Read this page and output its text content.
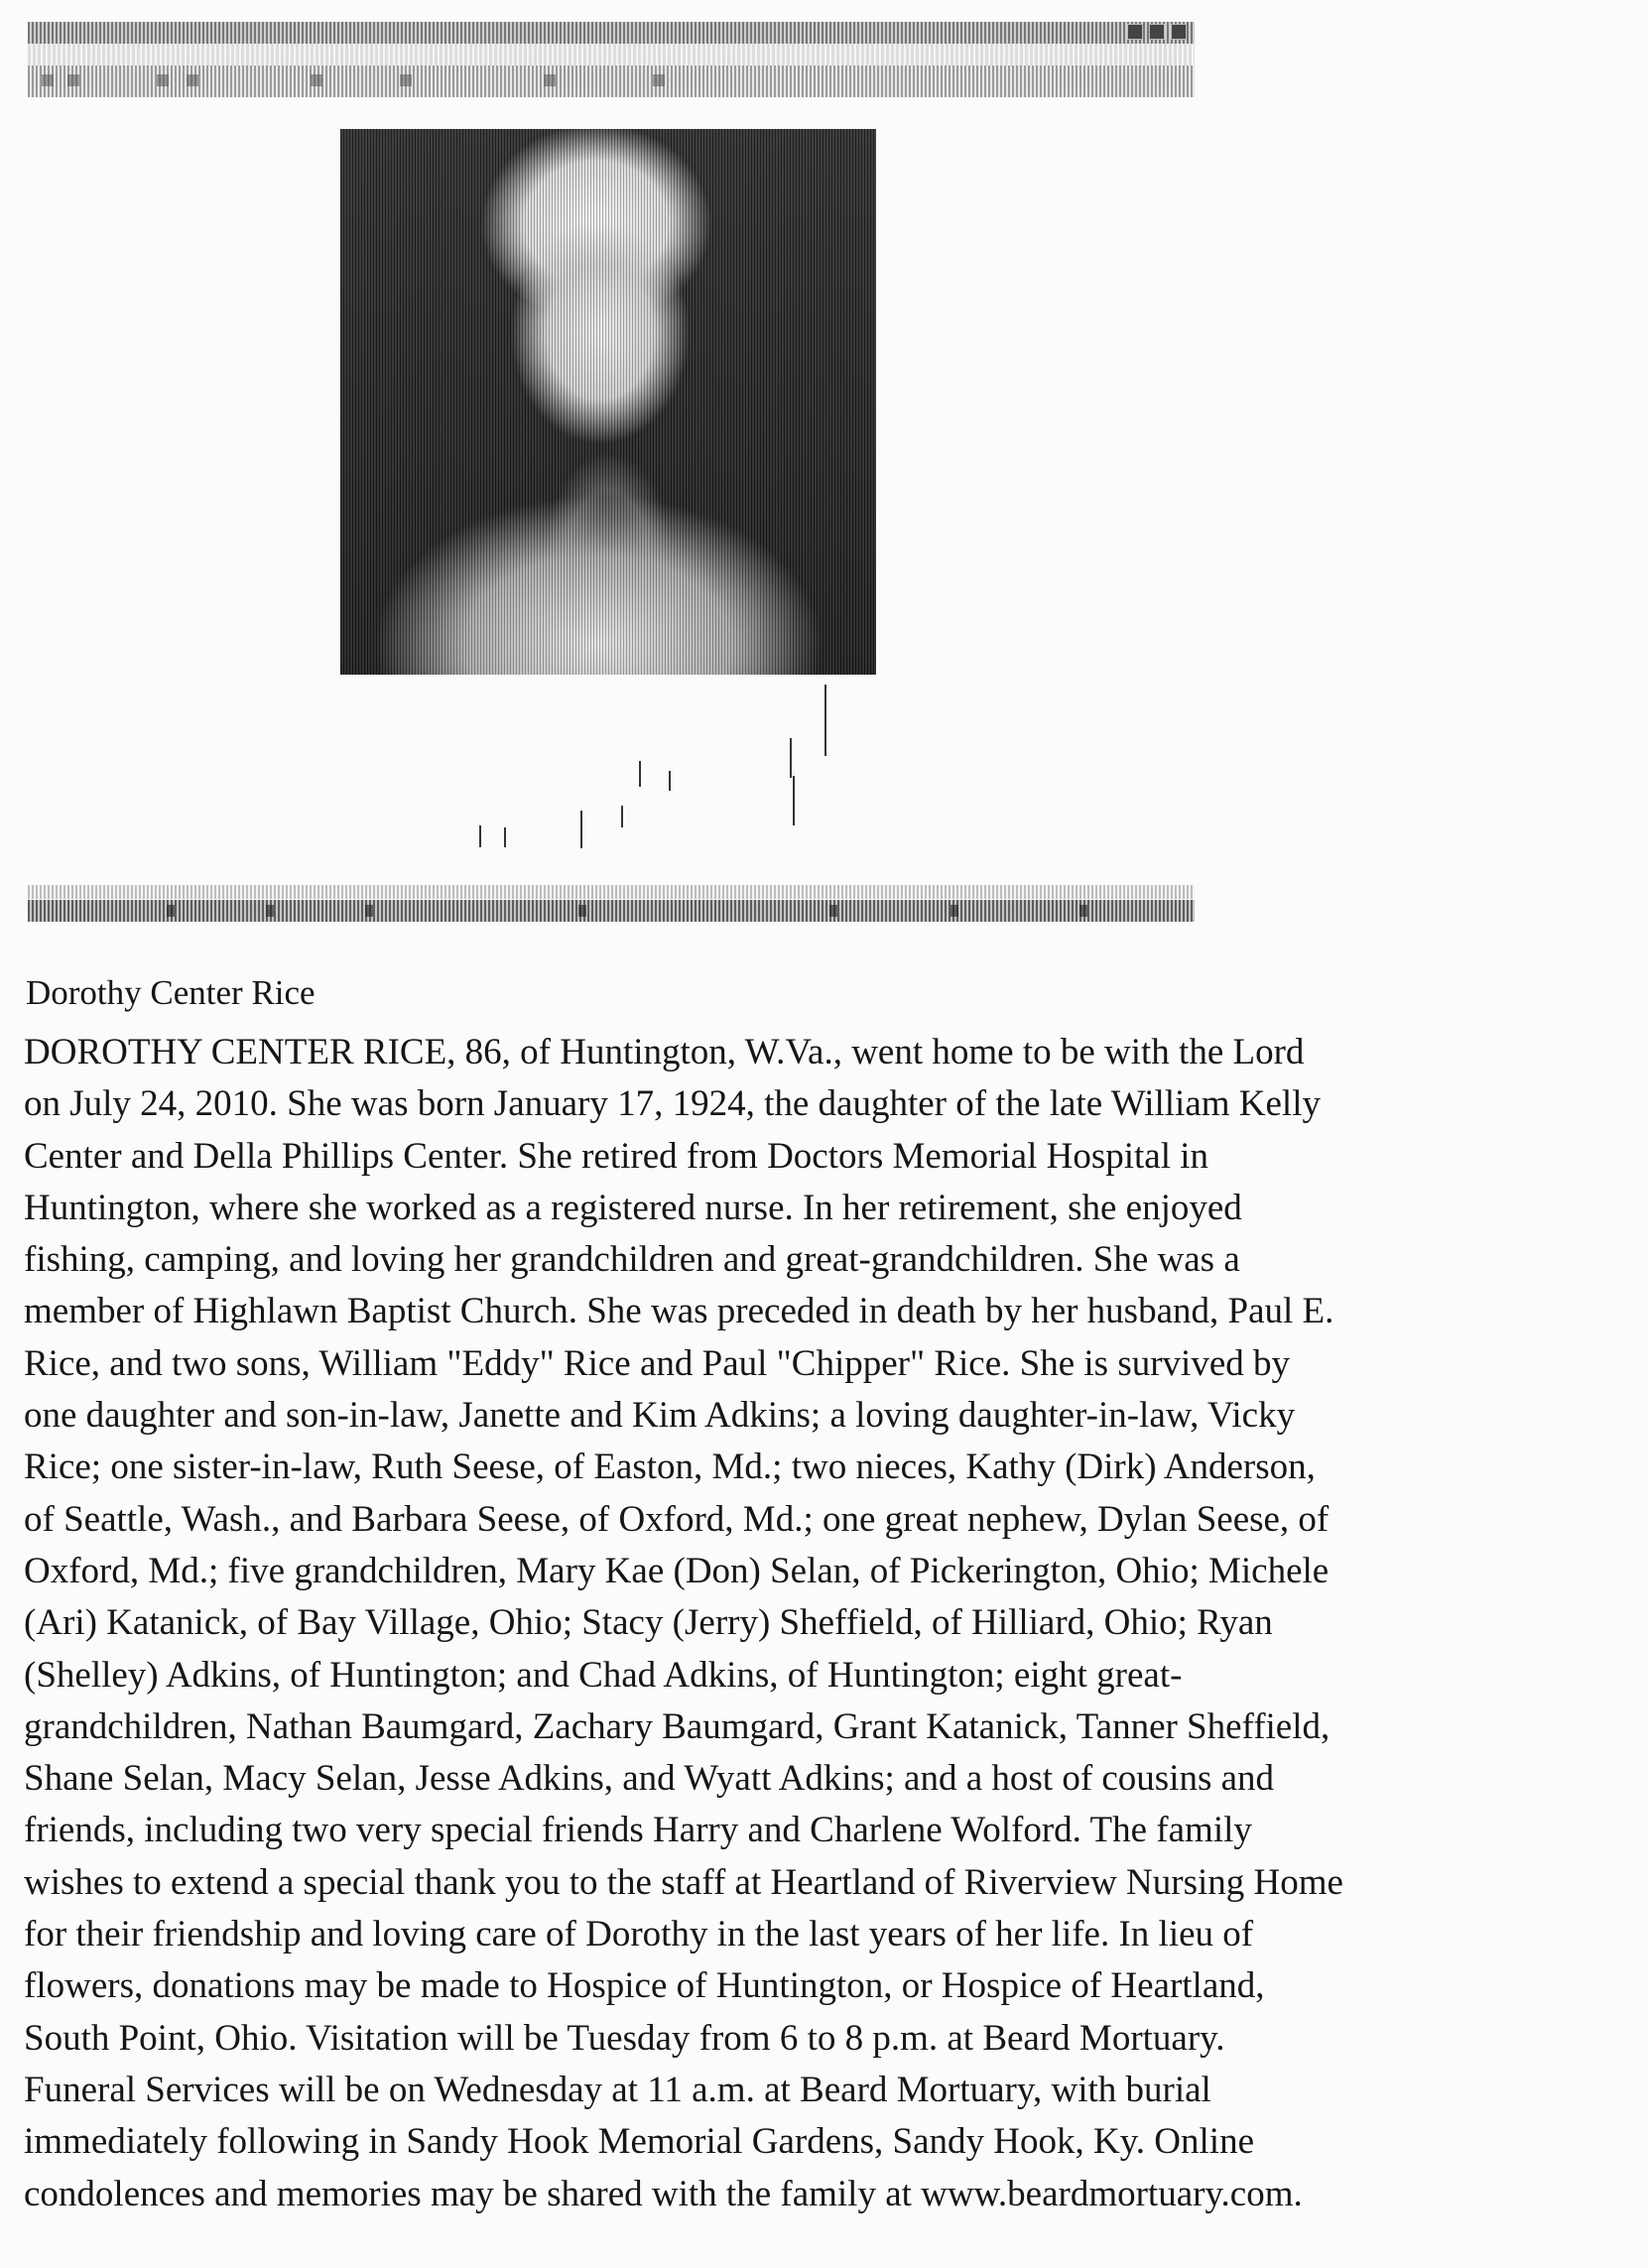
Dorothy Center Rice
DOROTHY CENTER RICE, 86, of Huntington, W.Va., went home to be with the Lord
on July 24, 2010. She was born January 17, 1924, the daughter of the late William Kelly
Center and Della Phillips Center. She retired from Doctors Memorial Hospital in
Huntington, where she worked as a registered nurse. In her retirement, she enjoyed
fishing, camping, and loving her grandchildren and great-grandchildren. She was a
member of Highlawn Baptist Church. She was preceded in death by her husband, Paul E.
Rice, and two sons, William "Eddy" Rice and Paul "Chipper" Rice. She is survived by
one daughter and son-in-law, Janette and Kim Adkins; a loving daughter-in-law, Vicky
Rice; one sister-in-law, Ruth Seese, of Easton, Md.; two nieces, Kathy (Dirk) Anderson,
of Seattle, Wash., and Barbara Seese, of Oxford, Md.; one great nephew, Dylan Seese, of
Oxford, Md.; five grandchildren, Mary Kae (Don) Selan, of Pickerington, Ohio; Michele
(Ari) Katanick, of Bay Village, Ohio; Stacy (Jerry) Sheffield, of Hilliard, Ohio; Ryan
(Shelley) Adkins, of Huntington; and Chad Adkins, of Huntington; eight great-
grandchildren, Nathan Baumgard, Zachary Baumgard, Grant Katanick, Tanner Sheffield,
Shane Selan, Macy Selan, Jesse Adkins, and Wyatt Adkins; and a host of cousins and
friends, including two very special friends Harry and Charlene Wolford. The family
wishes to extend a special thank you to the staff at Heartland of Riverview Nursing Home
for their friendship and loving care of Dorothy in the last years of her life. In lieu of
flowers, donations may be made to Hospice of Huntington, or Hospice of Heartland,
South Point, Ohio. Visitation will be Tuesday from 6 to 8 p.m. at Beard Mortuary.
Funeral Services will be on Wednesday at 11 a.m. at Beard Mortuary, with burial
immediately following in Sandy Hook Memorial Gardens, Sandy Hook, Ky. Online
condolences and memories may be shared with the family at www.beardmortuary.com.
